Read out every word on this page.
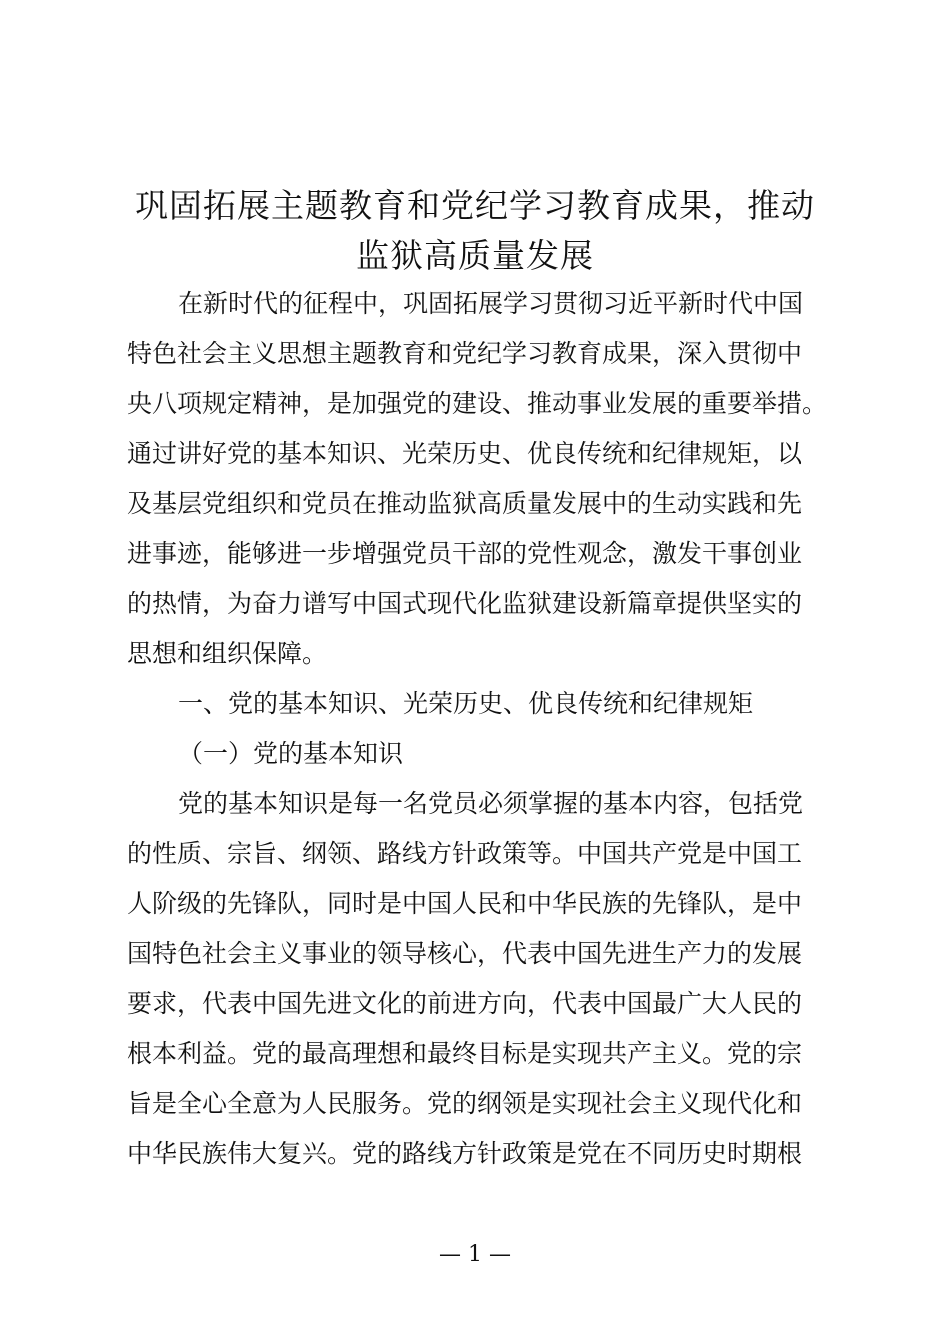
巩固拓展主题教育和党纪学习教育成果，推动
监狱高质量发展
在新时代的征程中，巩固拓展学习贯彻习近平新时代中国
特色社会主义思想主题教育和党纪学习教育成果，深入贯彻中
央八项规定精神，是加强党的建设、推动事业发展的重要举措。
通过讲好党的基本知识、光荣历史、优良传统和纪律规矩，以
及基层党组织和党员在推动监狱高质量发展中的生动实践和先
进事迹，能够进一步增强党员干部的党性观念，激发干事创业
的热情，为奋力谱写中国式现代化监狱建设新篇章提供坚实的
思想和组织保障。
一、党的基本知识、光荣历史、优良传统和纪律规矩
（一）党的基本知识
党的基本知识是每一名党员必须掌握的基本内容，包括党
的性质、宗旨、纲领、路线方针政策等。中国共产党是中国工
人阶级的先锋队，同时是中国人民和中华民族的先锋队，是中
国特色社会主义事业的领导核心，代表中国先进生产力的发展
要求，代表中国先进文化的前进方向，代表中国最广大人民的
根本利益。党的最高理想和最终目标是实现共产主义。党的宗
旨是全心全意为人民服务。党的纲领是实现社会主义现代化和
中华民族伟大复兴。党的路线方针政策是党在不同历史时期根
— 1 —
